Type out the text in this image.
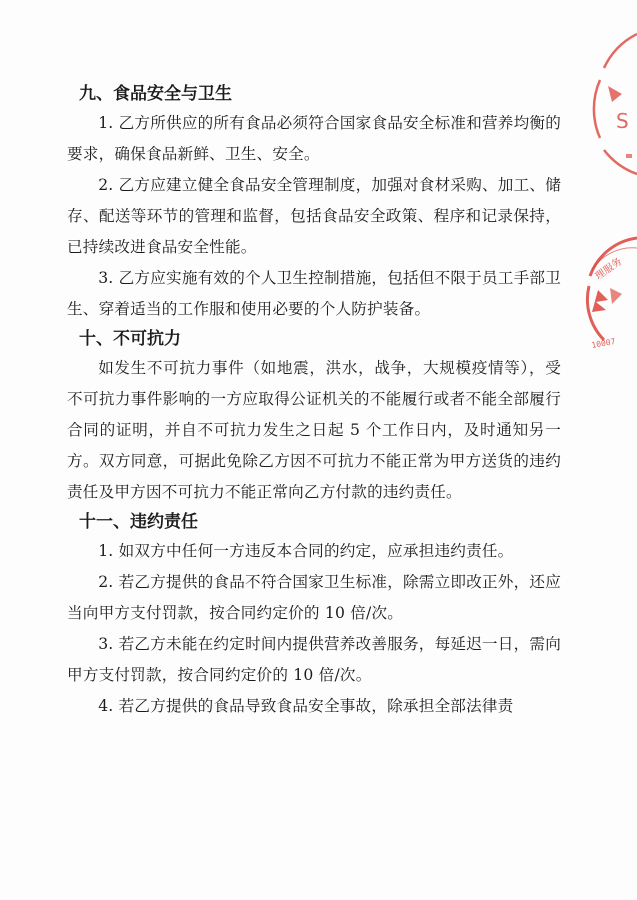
九、食品安全与卫生

1. 乙方所供应的所有食品必须符合国家食品安全标准和营养均衡的要求，确保食品新鲜、卫生、安全。

2. 乙方应建立健全食品安全管理制度，加强对食材采购、加工、储存、配送等环节的管理和监督，包括食品安全政策、程序和记录保持，已持续改进食品安全性能。

3. 乙方应实施有效的个人卫生控制措施，包括但不限于员工手部卫生、穿着适当的工作服和使用必要的个人防护装备。

十、不可抗力

如发生不可抗力事件（如地震，洪水，战争，大规模疫情等），受不可抗力事件影响的一方应取得公证机关的不能履行或者不能全部履行合同的证明，并自不可抗力发生之日起 5 个工作日内，及时通知另一方。双方同意，可据此免除乙方因不可抗力不能正常为甲方送货的违约责任及甲方因不可抗力不能正常向乙方付款的违约责任。

十一、违约责任

1. 如双方中任何一方违反本合同的约定，应承担违约责任。

2. 若乙方提供的食品不符合国家卫生标准，除需立即改正外，还应当向甲方支付罚款，按合同约定价的 10 倍/次。

3. 若乙方未能在约定时间内提供营养改善服务，每延迟一日，需向甲方支付罚款，按合同约定价的 10 倍/次。

4. 若乙方提供的食品导致食品安全事故，除承担全部法律责

S
理服务
10007
